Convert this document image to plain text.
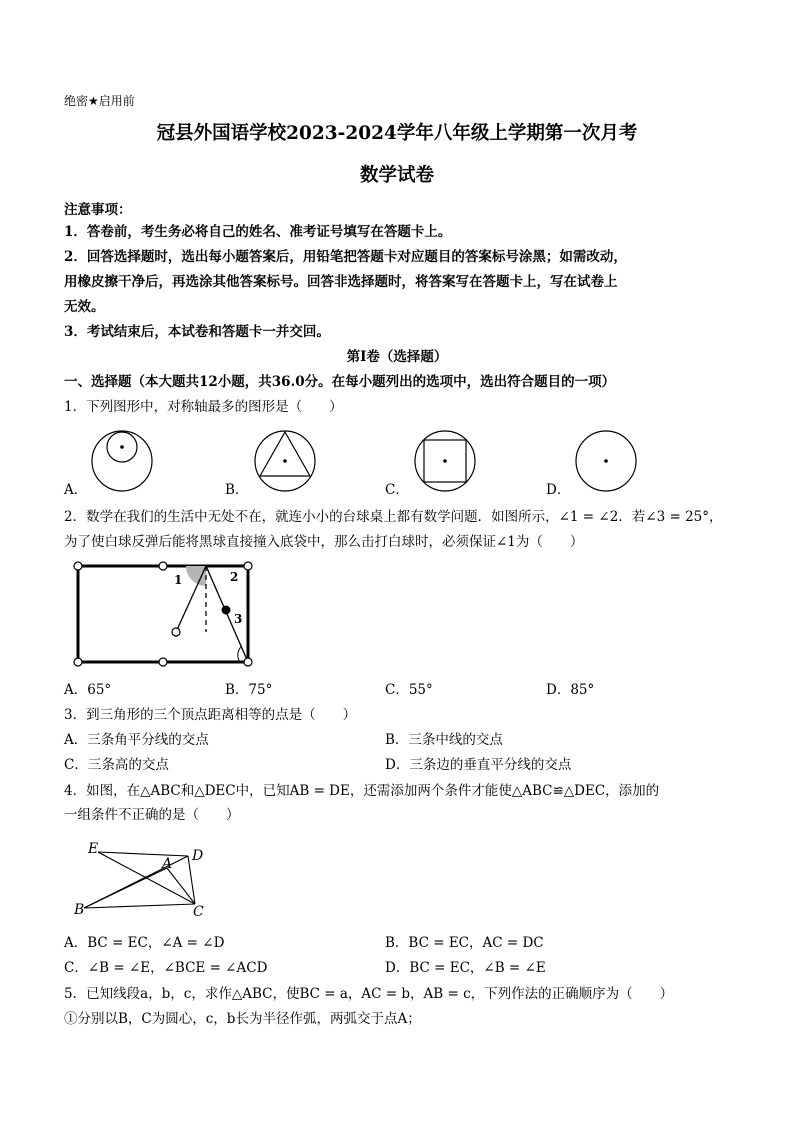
绝密★启用前
冠县外国语学校2023-2024学年八年级上学期第一次月考
数学试卷
注意事项：
1．答卷前，考生务必将自己的姓名、准考证号填写在答题卡上。
2．回答选择题时，选出每小题答案后，用铅笔把答题卡对应题目的答案标号涂黑；如需改动，
用橡皮擦干净后，再选涂其他答案标号。回答非选择题时，将答案写在答题卡上，写在试卷上
无效。
3．考试结束后，本试卷和答题卡一并交回。
第Ⅰ卷（选择题）
一、选择题（本大题共12小题，共36.0分。在每小题列出的选项中，选出符合题目的一项）
1．下列图形中，对称轴最多的图形是（　　）
A．	B．	C．	D．
2．数学在我们的生活中无处不在，就连小小的台球桌上都有数学问题．如图所示，∠1 = ∠2．若∠3 = 25°，
为了使白球反弹后能将黑球直接撞入底袋中，那么击打白球时，必须保证∠1为（　　）
1	2
3
A．65°	B．75°	C．55°	D．85°
3．到三角形的三个顶点距离相等的点是（　　）
A．三条角平分线的交点	B．三条中线的交点
C．三条高的交点	D．三条边的垂直平分线的交点
4．如图，在△ABC和△DEC中，已知AB = DE，还需添加两个条件才能使△ABC≌△DEC，添加的
一组条件不正确的是（　　）
E
A D
B	C
A．BC = EC，∠A = ∠D	B．BC = EC，AC = DC
C．∠B = ∠E，∠BCE = ∠ACD	D．BC = EC，∠B = ∠E
5．已知线段a，b，c，求作△ABC，使BC = a，AC = b，AB = c，下列作法的正确顺序为（　　）
①分别以B，C为圆心，c，b长为半径作弧，两弧交于点A；
